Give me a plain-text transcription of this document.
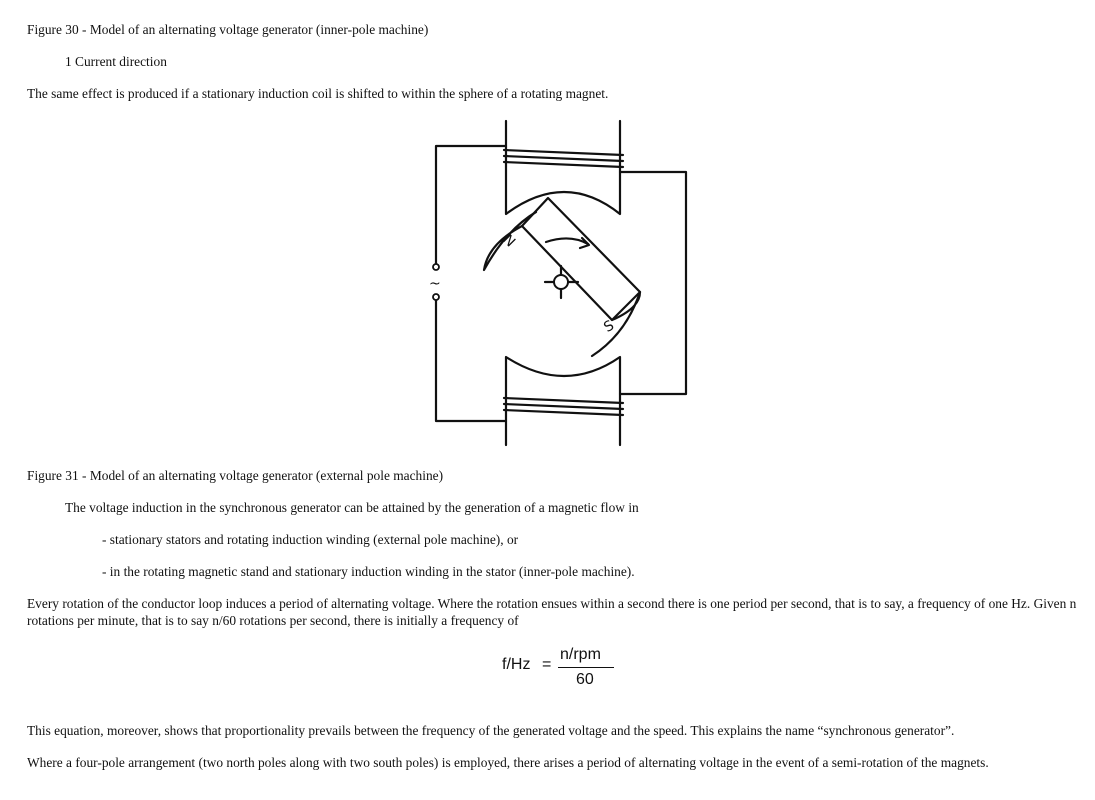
Figure 30 - Model of an alternating voltage generator (inner-pole machine)

1 Current direction

The same effect is produced if a stationary induction coil is shifted to within the sphere of a rotating magnet.

~
N
S

Figure 31 - Model of an alternating voltage generator (external pole machine)

The voltage induction in the synchronous generator can be attained by the generation of a magnetic flow in

- stationary stators and rotating induction winding (external pole machine), or

- in the rotating magnetic stand and stationary induction winding in the stator (inner-pole machine).

Every rotation of the conductor loop induces a period of alternating voltage. Where the rotation ensues within a second there is one period per second, that is to say, a frequency of one Hz. Given n rotations per minute, that is to say n/60 rotations per second, there is initially a frequency of

f/Hz =
n/rpm
60

This equation, moreover, shows that proportionality prevails between the frequency of the generated voltage and the speed. This explains the name “synchronous generator”.

Where a four-pole arrangement (two north poles along with two south poles) is employed, there arises a period of alternating voltage in the event of a semi-rotation of the magnets.
